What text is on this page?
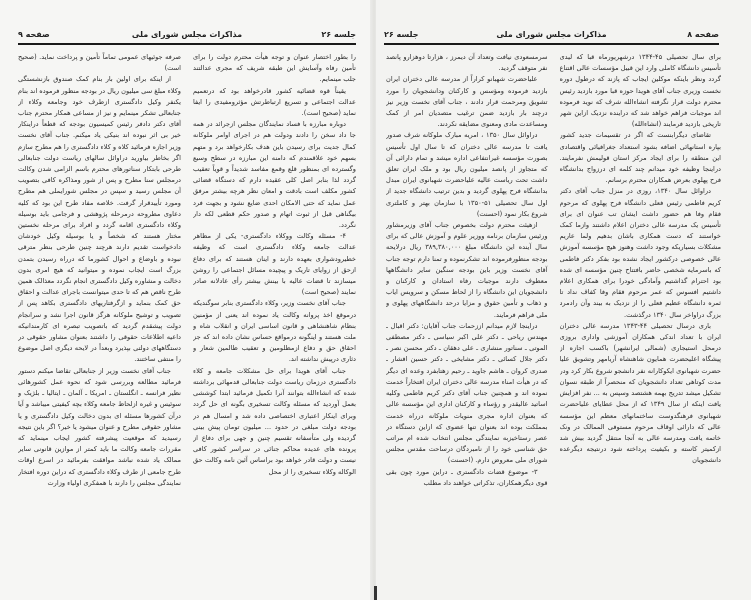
صفحه ۹	مذاکرات مجلس شورای ملی	جلسه ۲۶

را بطور اختصار عنوان و توجه هیأت محترم دولت را برای تأمین رفاه وآسایش این طبقه شریف که مجری عدالتند جلب مینمایم.

یقیناً قوه قضائیه کشور قادرخواهد بود که درتعمیم عدالت اجتماعی و تسریع ارتباطرتش مؤثرومفیدی را ایفا نماید (صحیح است).

دوباره مبارزه با فساد نمایندگان مجلس ازجرائد در همه جا داد سخن را دادند ودولت هم در اجرای اوامر ملوکانه کمال جدیت برای رسیدن باین هدف بکارخواهد برد و متهم بسهم خود علاقمندم که دامنه این مبارزه در سطح وسیع وگسترده ای بمنظور قلع وقمع مفاسد شدیداً و قویاً تعقیب گردد لذا بنابر اصل کلی عقیده دارم که دستگاه قضائی کشور مکلف است بادقت و امعان نظر هرچه بیشتر مرفق عمل نماید که حتی الامکان احدی ضایع نشود و بجهت فرد بیگناهی قبل از ثبوت اتهام و صدور حکم قطعی لکه دار نگردد.

۴- مسئله وکالت ووکلاء دادگستری- یکی از مظاهر عدالت جامعه وکلاء دادگستری است که وظیفه خطیرودشواری بعهده دارند و اینان هستند که برای دفاع ازحق از زوایای تاریک و پیچیده مسائل اجتماعی را روشن میسازند تا قضات عالیه با بینش بیشتر رأی عادلانه صادر نمایند (صحیح است)

جناب آقای نخست وزیر، وکلاء دادگستری بنابر سوگندیکه درموقع اخذ پروانه وکالت یاد نموده اند یعنی از مؤمنین بنظام شاهنشاهی و قانون اساسی ایران و انقلاب شاه و ملت هستند و اینگونه درمواقع حساس نشان داده اند که جز احقاق حق و دفاع ازمظلومین و تعقیب ظالمین شعار و دثاری درپیش نداشته اند.

جناب آقای هویدا برای حل مشکلات جامعه و کلاء دادگستری درزمان ریاست دولت جنابعالی قدمهائی برداشته شده که انشاءالله بتوانند آنرا تکمیل فرمائید ابتدا کوششی بعمل آوردید که مسئله وکالت تسخیری بگونه ای حل گردد وبرای اینکار اعتباری اختصاصی داده شد و امسال هم در بودجه دولت مبلغی در حدود ... میلیون تومان پیش بینی گردیده ولی متأسفانه تقسیم چنین و جهی برای دفاع از پرونده های عدیده محاکم جنائی در سراسر کشور کافی نیست و دولت قادر خواهد بود براساس آئین نامه وکالت حق الوکاله وکلاء تسخیری را از محل

صرفه جوئیهای عمومی تماماً تأمین و پرداخت نماید. (صحیح است)

از اینکه برای اولین بار بنام کمک صندوق بازنشستگی وکلاء مبلغ سی میلیون ریال در بودجه منظور فرموده اند بنام یکنفر وکیل دادگستری ازطرف خود وجامعه وکلاء از جنابعالی تشکر مینمایم و نیز از مساعی همکار محترم جناب آقای دکتر دادفر رئیس کمیسیون بودجه که قطعاً دراینکار خیر بی اثر نبوده اند بنیکی یاد میکنم. جناب آقای نخست وزیر اجازه فرمائید کلاه و کلاء دادگستری را هم مطرح سازم اگر بخاطر بیاورید دراوائل سالهای ریاست دولت جنابعالی طرحی بابتکار سناتورهای محترم باسم الزامی شدن وکالت درمجلس سنا مطرح و پس از شور ومذاکره کافی بتصویب آن مجلس رسید و سپس در مجلس شورایملی هم مطرح ومورد تأییدقرار گرفت. خلاصه مفاد طرح این بود که کلیه دعاوی مطروحه درمرحله پژوهشی و فرجامی باید بوسیله وکلاء دادگستری اقامه گردد و افراد برای مرحله نخستین مختار هستند که شخصاً و یا بوسیله وکیل خودشان دادخواست تقدیم دارند هرچند چنین طرحی بنظر مترقی نبوده و باوضاع و احوال کشورما که درراه رسیدن بتمدن بزرگ است ایجاب نموده و میتوانید که هیچ امری بدون دخالت و مشاوره وکیل دادگستری انجام نگردد معذالک همین طرح ناقص هم که تا حدی میتوانست باجرای عدالت و احقاق حق کمک بنماید و ازگرفتاریهای دادگستری بکاهد پس از تصویب و توشیح ملوکانه هرگز قانون اجرا نشد و سرانجام دولت پیشقدم گردید که باتصویب تبصره ای کارمندانیکه داعیه اطلاعات حقوقی را داشتند بعنوان مشاور حقوقی در دستگاههای دولتی بپذیرد وبعداً در لایحه دیگری اصل موضوع را منتفی ساختند.

جناب آقای نخست وزیر از جنابعالی تقاضا میکنم دستور فرمائید مطالعه وبررسی شود که نحوه عمل کشورهائی نظیر فرانسه ـ انگلستان ـ امریکا ـ آلمان ـ ایتالیا ـ بلژیک و سوئیس و غیره ازلحاظ جامعه وکلاء بچه کیفیتی میباشد و آیا درآن کشورها مسئله ای بدون دخالت وکیل دادگستری و یا مشاور حقوقی مطرح و عنوان میشود یا خیر؟ اگر باین نتیجه رسیدید که موقعیت پیشرفته کشور ایجاب مینماید که مقررات جامعه وکالت ما باید کمتر از موازین قانونی سایر ممالک یاد شده نباشد موافقت بفرمائید در اسرع اوقات طرح جامعی از طرف وکلاء دادگستری که دراین دوره افتخار نمایندگی مجلس را دارند با همفکری اولیاء وزارت

جلسه ۲۶	مذاکرات مجلس شورای ملی	صفحه ۸

برای سال تحصیلی ۴۵-۱۳۴۴ درشهریورماه قبا که لیدی تأسیس دانشگاه کاملی وارد این قبیل مؤسسات عالی اقتناع گردد ونظر باینکه موکلین ایجاب که پازند که درطول دوره نخست وزیری جناب آقای هویدا حوزه قبا مورد بازدید رئیس محترم دولت قرار نگرفته انشاءالله شرف که نوید فرموده اند موجبات فراهم خواهد شد که دراینده نزدیک ازاین شهر تاریخی بازدید فرمایند (انشاءالله)

تقاضای دیگرابنست که اگر در تقسیمات جدید کشور بپاره استانهائی اضافه بشود استعداد جغرافیائی واقتصادی این منطقه را برای ایجاد مرکز استان قولیمش نفرمایند. دراینجا وظیفه خود میدانم چند کلمه ای درزواج بدانشگاه فرح پهلوی بعرض همکاران محترم برسانم.

دراوائل سال ۱۳۴۰، روزی در منزل جناب آقای دکتر کریم فاطمی رئیس فعلی دانشگاه فرح پهلوی که مرحوم فقام وفا هم حضور داشت ایشان تب عنوان ای برای تأسیس یک مدرسه عالی دختران اعلام داشتند وازما کمک خواستند که دست همکاری باشان بدهیم ولما عاریم مشکلات بسیاریکه وجود داشت وهنوز هیچ مؤسسه آموزش عالی خصوصی درکشور ایجاد نشده بود بفکر دکتر فاطمی که باسرمایه شخصی حاضر بافتتاح چنین مؤسسه ای شده بود احترام گذاشتیم وآمادگی خودرا برای همکاری اعلام داشتیم افسوس که عمر مرحوم فقام وفا کفاف نداد تا ثمره دانشگاه عظیم فعلی را از نزدیک به بیند وآن رادمرد بزرگ دراواخر سال ۱۳۴۰ درگذشت.

باری درسال تحصیلی ۴۴-۱۳۴۳ مدرسه عالی دختران ایران با تعداد اندکی همکاران آموزشی واداری بروزی درمحل استیجاری (شمالی ایرانشهر) باکسب اجازه از پیشگاه اعلیحضرت همایون شاهنشاه آریامهر وتشویق علیا حضرت شهبانوی ایکوکارانه نفر دانشجو شروع بکار کرد ودر مدت کوتاهی تعداد دانشجویان که منحصراً از طبقه نسوان تشکیل میشد تدریج بهمه هشتصد وسپس به ... نفر افزایش یافت اینکه از سال ۱۳۴۹ که از محل عطایای علیاحضرت شهبانوی فرهنگدوست ساختمانهای معظم این مؤسسه عالی که دارائی اوقاف مرحوم مستوفی الممالک در ونک خاتمه یافت ومدرسه عالی به آنجا منتقل گردید بیش شد ازکمیتر کاسته و بکیفیت پرداخته شود درنتیجه دیگرعده دانشجویان

سرمسعودی نیافت وتعداد آن دیمرز ، هزارتا دوهزارو پانصد نفر متوقف گردید.

علیاحضرت شهبانو کراراً از مدرسه عالی دختران ایران بازدید فرموده ومؤسس و کارکنان ودانشجویان را مورد تشویق ومرحمت قرار دادند ، جناب آقای نخست وزیر نیز درچند بار بازدید ضمن ترغیب متصدیان امر از کمک ومساعدت مادی ومعنوی مضایقه نکردند.

دراوائل سال ۱۳۵۰ ، امریه مبارک ملوکانه شرف صدور یافت تا مدرسه عالی دختران که تا سال اول تأسیس بصورت مؤسسه غیرانتفاعی اداره میشد و تمام دارائی آن که متجاوز از پانصد میلیون ریال بود و ملک ایران تعلق داشت تحت ریاست عالیه علیاحضرت شهبانوی ایران مبدل بدانشگاه فرح پهلوی گردید و بدین ترتیب دانشگاه جدید از اول سال تحصیلی ۵۱-۱۳۵۰ با سازمان بهتر و کاملتری شروع بکار نمود (احسنت)

ازهیئت محترم دولت بخصوص جناب آقای وزیرمشاور ورئیس سازمان برنامه ووزیر علوم و آموزش عالی که برای سال آینده این دانشگاه مبلغ ۳۸۹,۳۸۰,۰۰۰ ریال درلایحه بودجه منظورفرموده اند تشکرنموده و تمنا دارم توجه جناب آقای نخست وزیر باین بودجه سنگین سایر دانشگاهها معطوف دارند موجبات رفاه استادان و کارکنان و دانشجویان این دانشگاه را از لحاظ مسکن و سرویس ایاب و ذهاب و تأمین حقوق و مزایا درحد دانشگاههای پهلوی و ملی فراهم فرمایند.

دراینجا لازم میدانم اززحمات جناب آقایان: دکتر اقبال ـ مهندس ریاحی ـ دکتر علی اکبر سیاسی ـ دکتر مصطفی الموتی ـ سناتور منشاری ـ علی دهقان ـ دکتر محسن نصر ـ دکتر جلال کسائی ـ دکتر مشایخی ـ دکتر حسین افشار ـ صدری کروان ـ هاشم جاوید ـ رحیم زهتابفرد وعده ای دیگر که در هیأت امناء مدرسه عالی دختران ایران افتخاراً خدمت نموده اند و همچنین جناب آقای دکتر کریم فاطمی وکلیه اساتید عالیقدر و رؤساء و کارکنان اداری این مؤسسه عالی که بعنوان اداره مجری منویات ملوکانه درراه خدمت بمملکت بوده اند بعنوان تنها عضوی که ازاین دستگاه در عصر رستاخیزبه نمایندگی مجلس انتخاب شده ام مراتب حق شناسی خود را از نامبردگان درساحت مقدس مجلس شورای ملی معروض دارم. (احسنت)

۳- موضوع قضات دادگستری ـ دراین مورد چون بقی قوی دیگرهمکاران، تذکراتی خواهند داد مطلب
